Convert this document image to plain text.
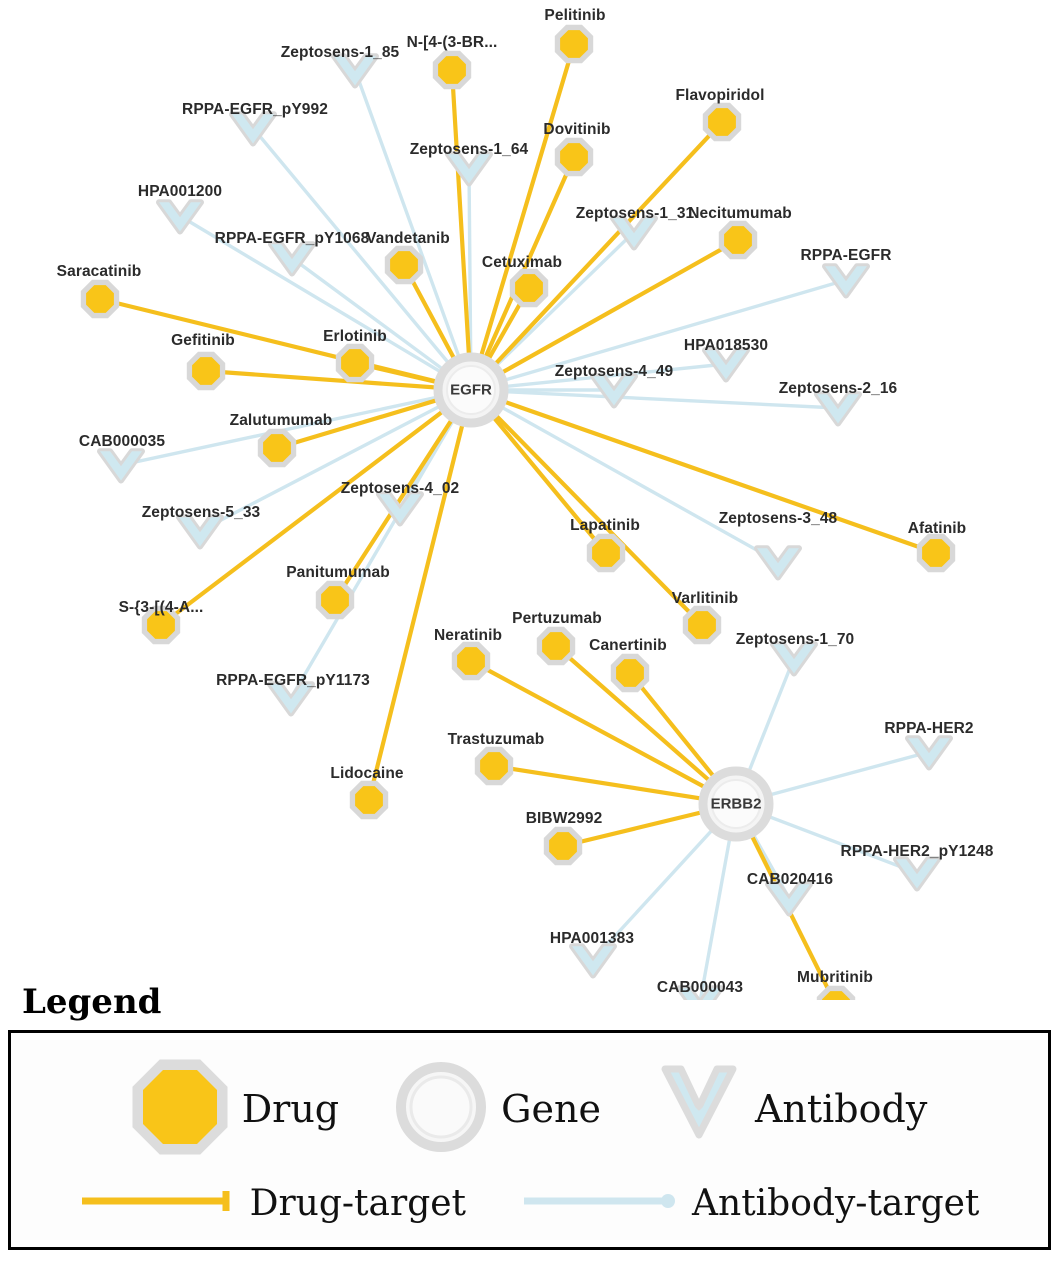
Zeptosens-1_85
Zeptosens-1_64
RPPA-EGFR_pY992
HPA001200
Zeptosens-1_31
RPPA-EGFR_pY1068
RPPA-EGFR
HPA018530
Zeptosens-4_49
Zeptosens-2_16
CAB000035
Zeptosens-4_02
Zeptosens-5_33	Zeptosens-3_48
Zeptosens-1_70
RPPA-EGFR_pY1173
RPPA-HER2
RPPA-HER2_pY1248
CAB020416
HPA001383
CAB000043
Pelitinib
N-[4-(3-BR...
Flavopiridol
Dovitinib
Necitumumab
Vandetanib
Cetuximab
Saracatinib
Erlotinib
Gefitinib
Zalutumumab
Afatinib
Lapatinib
Panitumumab
S-{3-[(4-A...
Varlitinib
Pertuzumab
Neratinib
Canertinib
Trastuzumab
Lidocaine
BIBW2992
Mubritinib
EGFR
ERBB2
Legend
Drug	Gene	Antibody
Drug-target	Antibody-target
